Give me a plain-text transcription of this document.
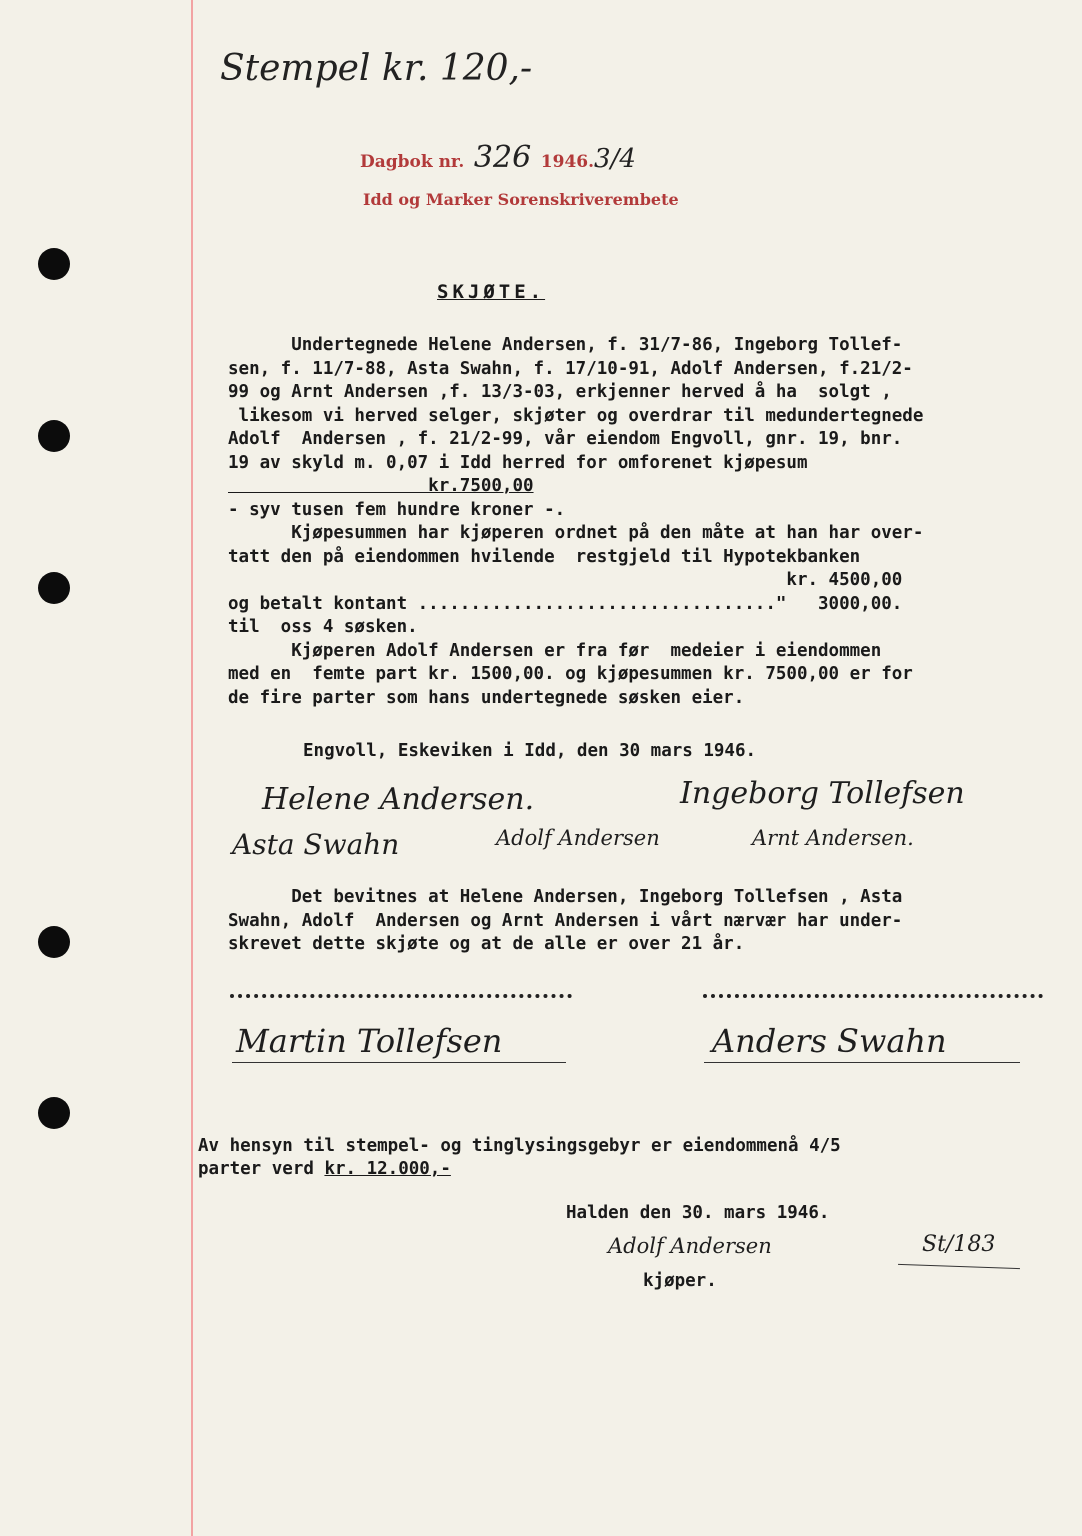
Stempel kr. 120,-
Dagbok nr. 326 1946.3/4
Idd og Marker Sorenskriverembete
SKJØTE.
Undertegnede Helene Andersen, f. 31/7-86, Ingeborg Tollef-
sen, f. 11/7-88, Asta Swahn, f. 17/10-91, Adolf Andersen, f.21/2-
99 og Arnt Andersen ,f. 13/3-03, erkjenner herved å ha  solgt ,
likesom vi herved selger, skjøter og overdrar til medundertegnede
Adolf  Andersen , f. 21/2-99, vår eiendom Engvoll, gnr. 19, bnr.
19 av skyld m. 0,07 i Idd herred for omforenet kjøpesum
kr.7500,00
- syv tusen fem hundre kroner -.
Kjøpesummen har kjøperen ordnet på den måte at han har over-
tatt den på eiendommen hvilende  restgjeld til Hypotekbanken
kr. 4500,00
og betalt kontant .................................."   3000,00.
til  oss 4 søsken.
Kjøperen Adolf Andersen er fra før  medeier i eiendommen
med en  femte part kr. 1500,00. og kjøpesummen kr. 7500,00 er for
de fire parter som hans undertegnede søsken eier.
Engvoll, Eskeviken i Idd, den 30 mars 1946.
Helene Andersen.	Ingeborg Tollefsen
Asta Swahn	Adolf Andersen	Arnt Andersen.
Det bevitnes at Helene Andersen, Ingeborg Tollefsen , Asta
Swahn, Adolf  Andersen og Arnt Andersen i vårt nærvær har under-
skrevet dette skjøte og at de alle er over 21 år.
Martin Tollefsen	Anders Swahn
Av hensyn til stempel- og tinglysingsgebyr er eiendommenå 4/5
parter verd kr. 12.000,-
Halden den 30. mars 1946.
Adolf Andersen
kjøper.
St/183
